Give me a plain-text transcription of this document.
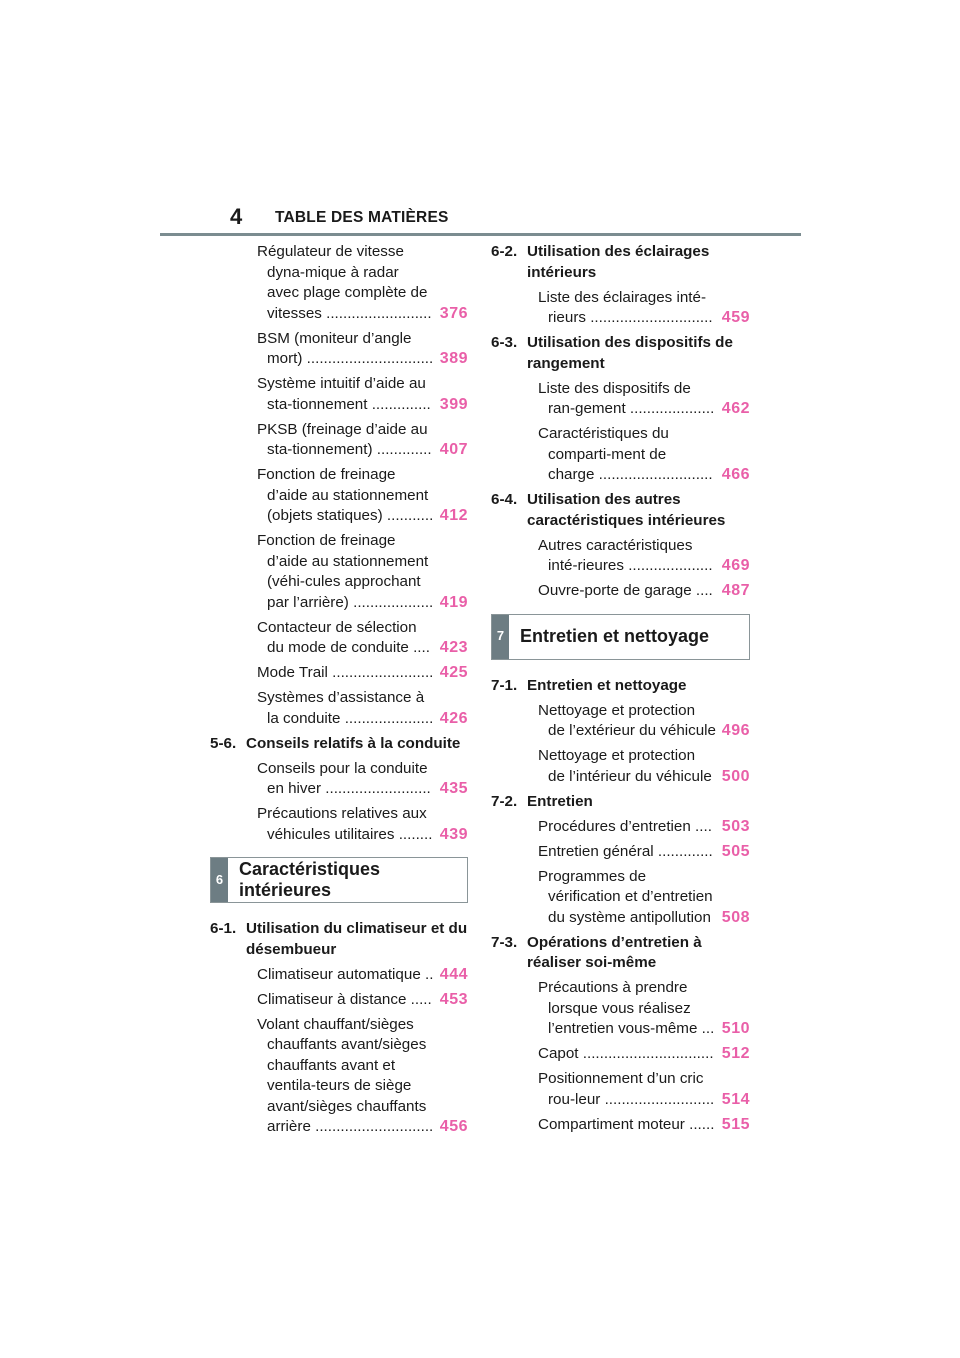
4 TABLE DES MATIÈRES
Régulateur de vitesse dyna-mique à radar avec plage complète de vitesses ......................... 376
BSM (moniteur d’angle mort) .............................. 389
Système intuitif d’aide au sta-tionnement .............. 399
PKSB (freinage d’aide au sta-tionnement) ............. 407
Fonction de freinage d’aide au stationnement (objets statiques) ........... 412
Fonction de freinage d’aide au stationnement (véhi-cules approchant par l’arrière) ................... 419
Contacteur de sélection du mode de conduite .... 423
Mode Trail ........................ 425
Systèmes d’assistance à la conduite ..................... 426
5-6. Conseils relatifs à la conduite
Conseils pour la conduite en hiver ......................... 435
Précautions relatives aux véhicules utilitaires ........ 439
6
Caractéristiques intérieures
6-1. Utilisation du climatiseur et du désembueur
Climatiseur automatique .. 444
Climatiseur à distance ..... 453
Volant chauffant/sièges chauffants avant/sièges chauffants avant et ventila-teurs de siège avant/sièges chauffants arrière ............................ 456
6-2. Utilisation des éclairages intérieurs
Liste des éclairages inté-rieurs ............................. 459
6-3. Utilisation des dispositifs de rangement
Liste des dispositifs de ran-gement .................... 462
Caractéristiques du comparti-ment de charge ........................... 466
6-4. Utilisation des autres caractéristiques intérieures
Autres caractéristiques inté-rieures .................... 469
Ouvre-porte de garage .... 487
7 Entretien et nettoyage
7-1. Entretien et nettoyage
Nettoyage et protection de l’extérieur du véhicule 496
Nettoyage et protection de l’intérieur du véhicule 500
7-2. Entretien
Procédures d’entretien .... 503
Entretien général ............. 505
Programmes de vérification et d’entretien du système antipollution 508
7-3. Opérations d’entretien à réaliser soi-même
Précautions à prendre lorsque vous réalisez l’entretien vous-même ... 510
Capot ............................... 512
Positionnement d’un cric rou-leur .......................... 514
Compartiment moteur ...... 515
